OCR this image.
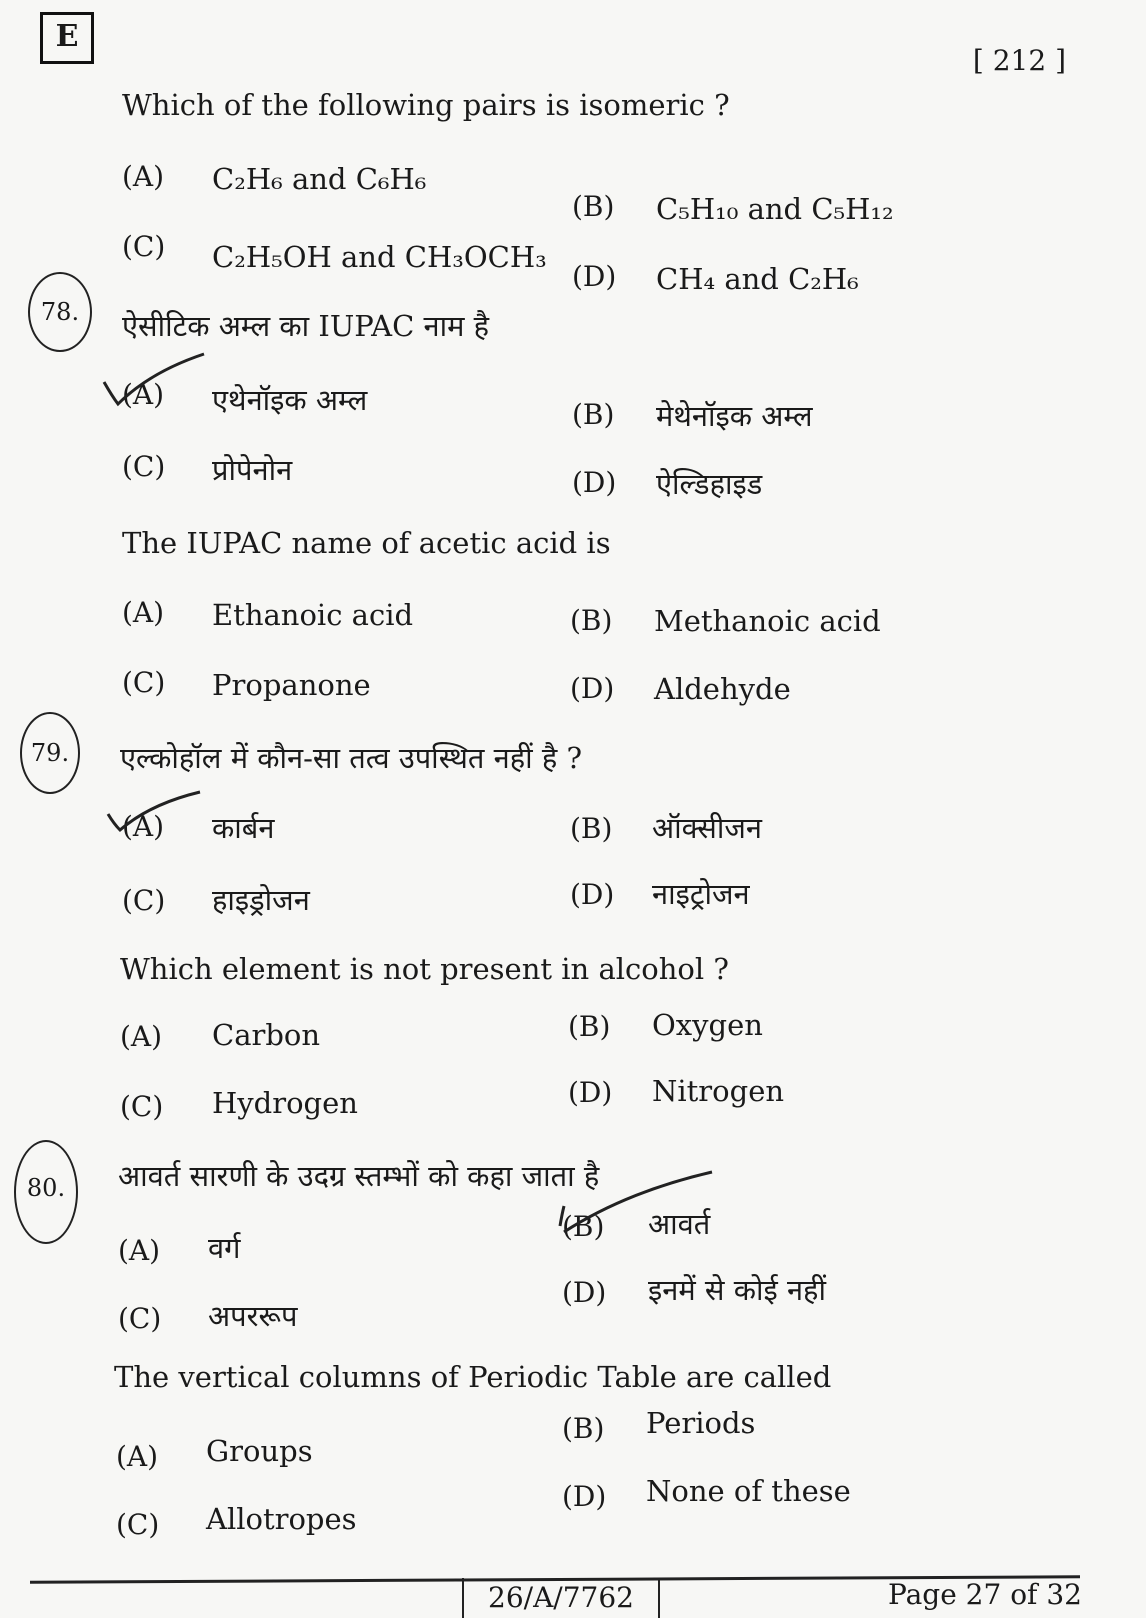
E
[ 212 ]
Which of the following pairs is isomeric ?
(A) C₂H₆ and C₆H₆
(B) C₅H₁₀ and C₅H₁₂
(C) C₂H₅OH and CH₃OCH₃
(D) CH₄ and C₂H₆
78.	ऐसीटिक अम्ल का IUPAC नाम है
(A) एथेनॉइक अम्ल	(B) मेथेनॉइक अम्ल
(C) प्रोपेनोन	(D) ऐल्डिहाइड
The IUPAC name of acetic acid is
(A) Ethanoic acid	(B) Methanoic acid
(C) Propanone	(D) Aldehyde
79.	एल्कोहॉल में कौन-सा तत्व उपस्थित नहीं है ?
(A) कार्बन	(B) ऑक्सीजन
(C) हाइड्रोजन	(D) नाइट्रोजन
Which element is not present in alcohol ?
(A) Carbon	(B) Oxygen
(C) Hydrogen	(D) Nitrogen
80.	आवर्त सारणी के उदग्र स्तम्भों को कहा जाता है
(A) वर्ग
(B) आवर्त
(C) अपररूप
(D) इनमें से कोई नहीं
The vertical columns of Periodic Table are called
(A) Groups
(B) Periods
(C) Allotropes
(D) None of these
26/A/7762	Page 27 of 32
